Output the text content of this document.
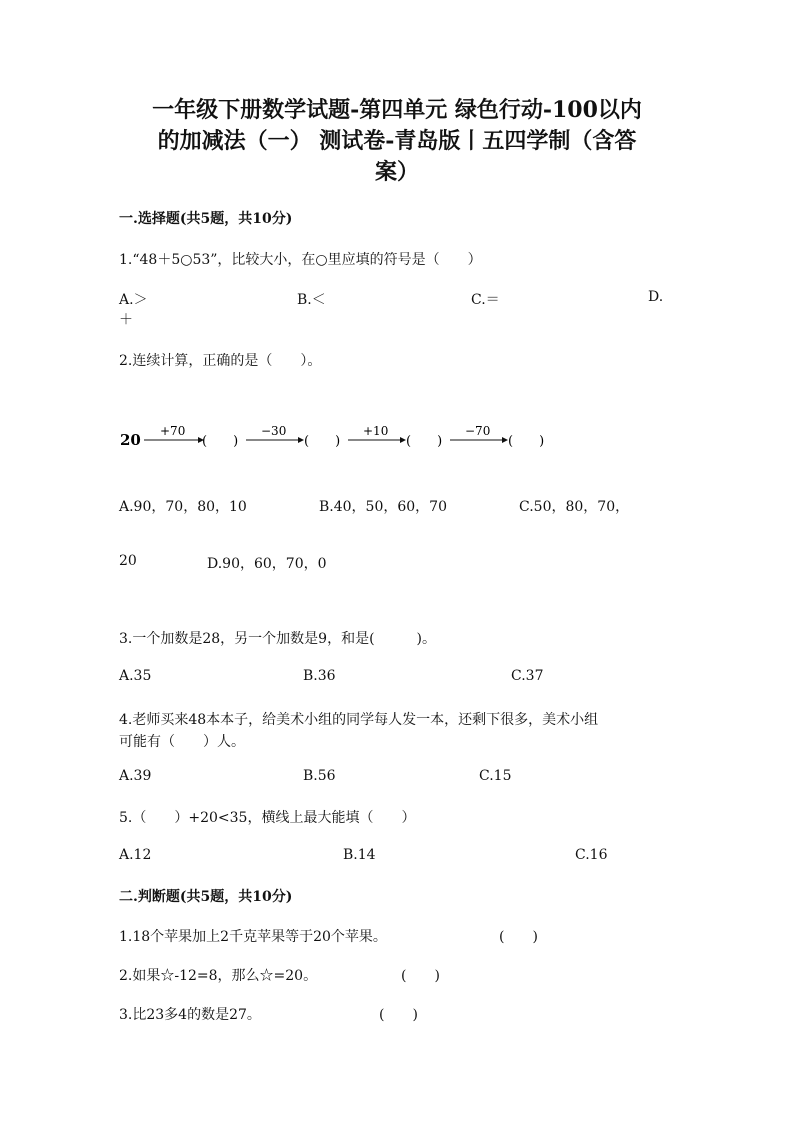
一年级下册数学试题-第四单元 绿色行动-100以内
的加减法（一） 测试卷-青岛版丨五四学制（含答
案）
一.选择题(共5题，共10分)
1.“48＋5○53”，比较大小，在○里应填的符号是（　　）
A.＞	B.＜	C.＝	D.
＋
2.连续计算，正确的是（　　）。
20 +70
(　　)
−30
(　　)
+10
(　　)
−70
(　　)
A.90，70，80，10	B.40，50，60，70	C.50，80，70，
20	D.90，60，70，0
3.一个加数是28，另一个加数是9，和是(　　　)。
A.35	B.36	C.37
4.老师买来48本本子，给美术小组的同学每人发一本，还剩下很多，美术小组
可能有（　　）人。
A.39	B.56	C.15
5.（　　）+20<35，横线上最大能填（　　）
A.12	B.14	C.16
二.判断题(共5题，共10分)
1.18个苹果加上2千克苹果等于20个苹果。	(　　)
2.如果☆-12=8，那么☆=20。	(　　)
3.比23多4的数是27。	(　　)
